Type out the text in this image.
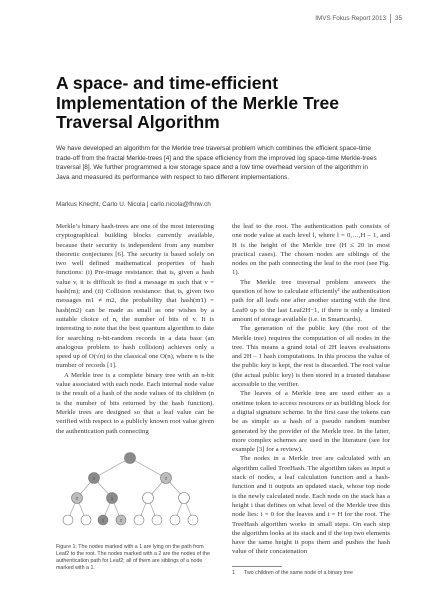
IMVS Fokus Report 2013 35
A space- and time-efficient Implementation of the Merkle Tree Traversal Algorithm

We have developed an algorithm for the Merkle tree traversal problem which combines the efficient space-time trade-off from the fractal Merkle-trees [4] and the space efficiency from the improved log space-time Merkle-trees traversal [8]. We further programmed a low storage space and a low time overhead version of the algorithm in Java and measured its performance with respect to two different implementations.

Markus Knecht, Carlo U. Nicola | carlo.nicola@fhnw.ch

Merkle’s binary hash-trees are one of the most interesting cryptographical building blocks currently available, because their security is independent from any number theoretic conjectures [6]. The security is based solely on two well defined mathematical properties of hash functions: (i) Pre-image resistance: that is, given a hash value v, it is difficult to find a message m such that v = hash(m); and (ii) Collision resistance: that is, given two messages m1 ≠ m2, the probability that hash(m1) = hash(m2) can be made as small as one wishes by a suitable choice of n, the number of bits of v. It is interesting to note that the best quantum algorithm to date for searching n-bit-random records in a data base (an analogous problem to hash collision) achieves only a speed up of O(√n) to the classical one O(n), where n is the number of records [1].

A Merkle tree is a complete binary tree with an n-bit value associated with each node. Each internal node value is the result of a hash of the node values of its children (n is the number of bits returned by the hash function). Merkle trees are designed so that a leaf value can be verified with respect to a publicly known root value given the authentication path connecting

the leaf to the root. The authentication path consists of one node value at each level l, where l = 0,…,H – 1, and H is the height of the Merkle tree (H ≤ 20 in most practical cases). The chosen nodes are siblings of the nodes on the path connecting the leaf to the root (see Fig. 1).

The Merkle tree traversal problem answers the question of how to calculate efficiently¹ the authentication path for all leafs one after another starting with the first Leaf0 up to the last Leaf2H−1, if there is only a limited amount of storage available (i.e. in Smartcards).

The generation of the public key (the root of the Merkle tree) requires the computation of all nodes in the tree. This means a grand total of 2H leaves evaluations and 2H – 1 hash computations. In this process the value of the public key is kept, the rest is discarded. The root value (the actual public key) is then stored in a trusted database accessible to the verifier.

The leaves of a Merkle tree are used either as a onetime token to access resources or as building block for a digital signature scheme. In the first case the tokens can be as simple as a hash of a pseudo random number generated by the provider of the Merkle tree. In the latter, more complex schemes are used in the literature (see for example [3] for a review).

The nodes in a Merkle tree are calculated with an algorithm called TreeHash. The algorithm takes as input a stack of nodes, a leaf calculation function and a hash-function and it outputs an updated stack, whose top node is the newly calculated node. Each node on the stack has a height i that defines on what level of the Merkle tree this node lies: i = 0 for the leaves and i = H for the root. The TreeHash algorithm works in small steps. On each step the algorithm looks at its stack and if the top two elements have the same height it pops them and pushes the hash value of their concatenation

1	2
2	1
1	2

Figure 1: The nodes marked with a 1 are lying on the path from Leaf2 to the root. The nodes marked with a 2 are the nodes of the authentication path for Leaf2; all of them are siblings of a node marked with a 1.

1 Two children of the same node of a binary tree
